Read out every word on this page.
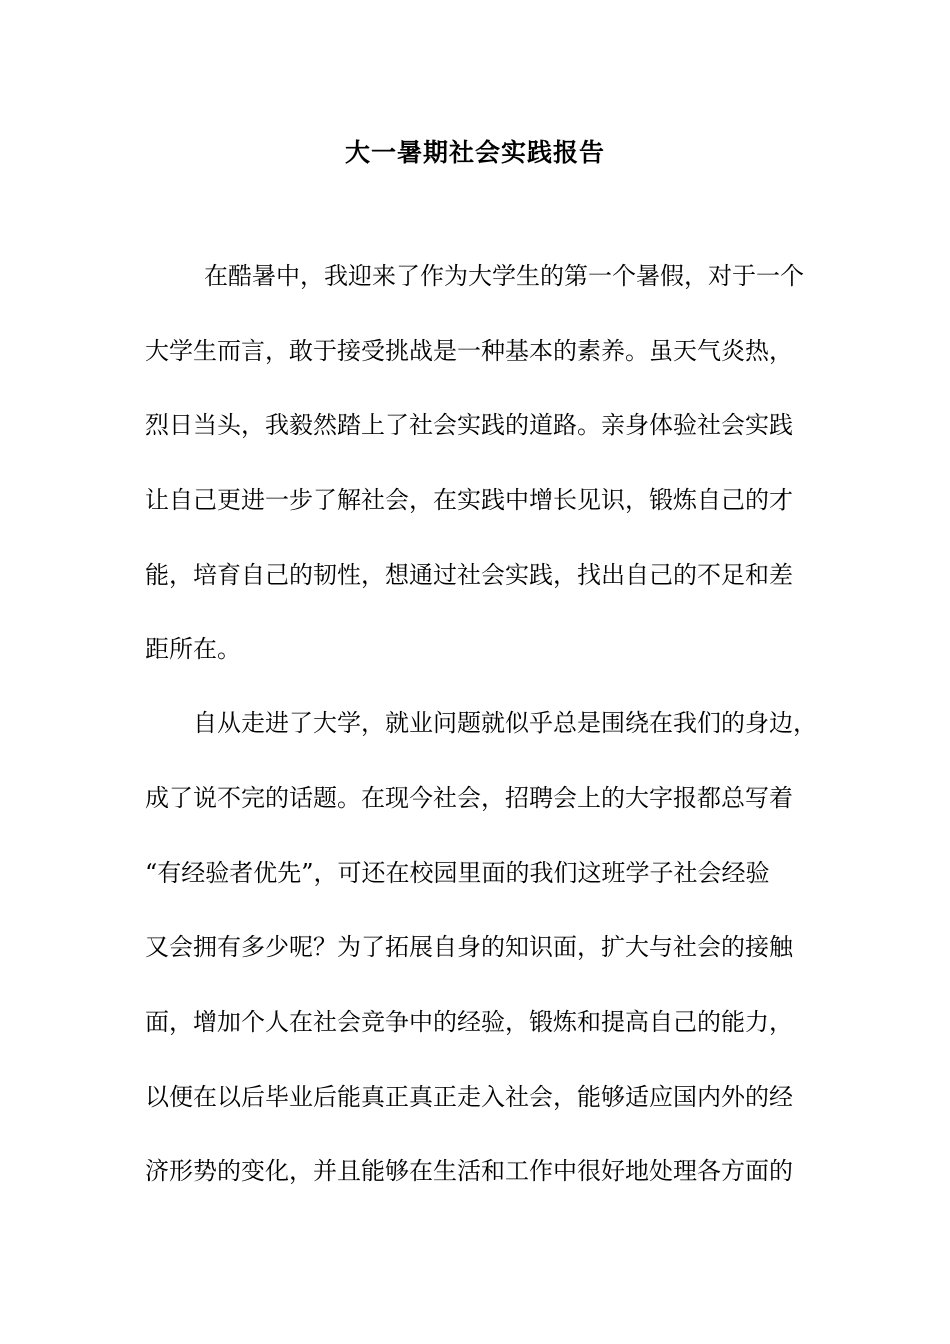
大一暑期社会实践报告
在酷暑中，我迎来了作为大学生的第一个暑假，对于一个
大学生而言，敢于接受挑战是一种基本的素养。虽天气炎热，
烈日当头，我毅然踏上了社会实践的道路。亲身体验社会实践
让自己更进一步了解社会，在实践中增长见识，锻炼自己的才
能，培育自己的韧性，想通过社会实践，找出自己的不足和差
距所在。
自从走进了大学，就业问题就似乎总是围绕在我们的身边，
成了说不完的话题。在现今社会，招聘会上的大字报都总写着
“有经验者优先”，可还在校园里面的我们这班学子社会经验
又会拥有多少呢？为了拓展自身的知识面，扩大与社会的接触
面，增加个人在社会竞争中的经验，锻炼和提高自己的能力，
以便在以后毕业后能真正真正走入社会，能够适应国内外的经
济形势的变化，并且能够在生活和工作中很好地处理各方面的
